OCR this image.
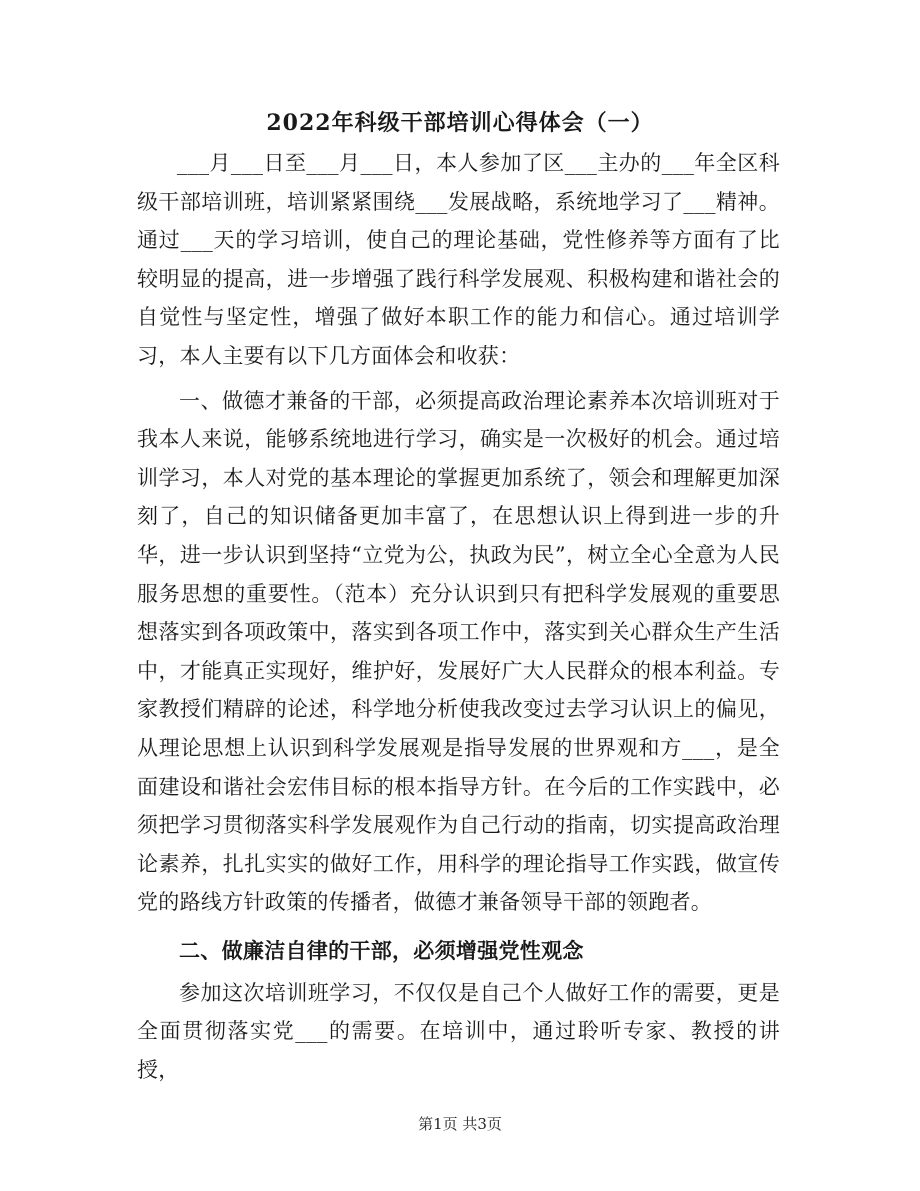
2022年科级干部培训心得体会（一）

___月___日至___月___日，本人参加了区___主办的___年全区科级干部培训班，培训紧紧围绕___发展战略，系统地学习了___精神。通过___天的学习培训，使自己的理论基础，党性修养等方面有了比较明显的提高，进一步增强了践行科学发展观、积极构建和谐社会的自觉性与坚定性，增强了做好本职工作的能力和信心。通过培训学习，本人主要有以下几方面体会和收获：

一、做德才兼备的干部，必须提高政治理论素养本次培训班对于我本人来说，能够系统地进行学习，确实是一次极好的机会。通过培训学习，本人对党的基本理论的掌握更加系统了，领会和理解更加深刻了，自己的知识储备更加丰富了，在思想认识上得到进一步的升华，进一步认识到坚持“立党为公，执政为民”，树立全心全意为人民服务思想的重要性。（范本）充分认识到只有把科学发展观的重要思想落实到各项政策中，落实到各项工作中，落实到关心群众生产生活中，才能真正实现好，维护好，发展好广大人民群众的根本利益。专家教授们精辟的论述，科学地分析使我改变过去学习认识上的偏见，从理论思想上认识到科学发展观是指导发展的世界观和方___，是全面建设和谐社会宏伟目标的根本指导方针。在今后的工作实践中，必须把学习贯彻落实科学发展观作为自己行动的指南，切实提高政治理论素养，扎扎实实的做好工作，用科学的理论指导工作实践，做宣传党的路线方针政策的传播者，做德才兼备领导干部的领跑者。

二、做廉洁自律的干部，必须增强党性观念

参加这次培训班学习，不仅仅是自己个人做好工作的需要，更是全面贯彻落实党___的需要。在培训中，通过聆听专家、教授的讲授，

第1页 共3页
